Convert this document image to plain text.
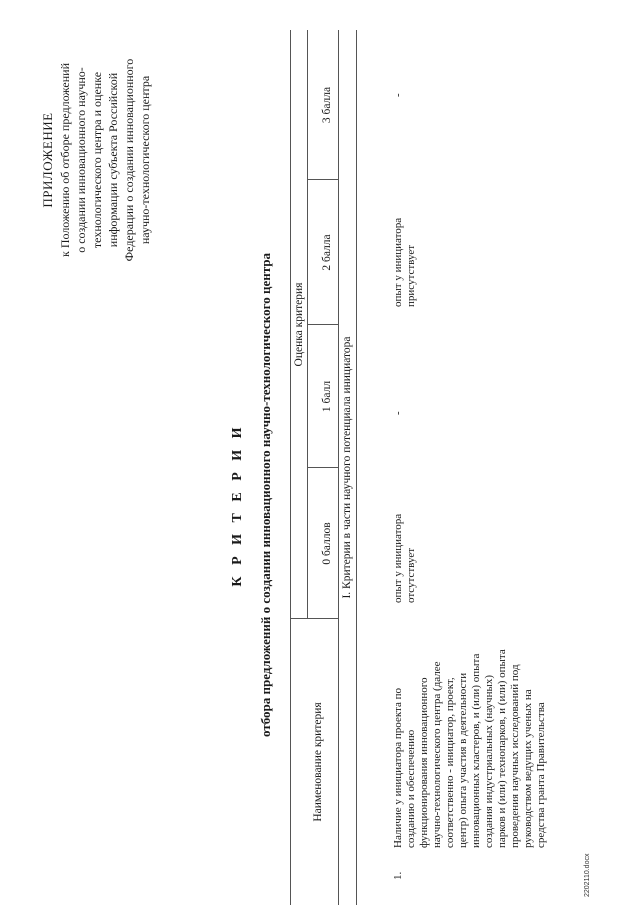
ПРИЛОЖЕНИЕ к Положению об отборе предложений о создании инновационного научно- технологического центра и оценке информации субъекта Российской Федерации о создании инновационного научно-технологического центра
К Р И Т Е Р И И отбора предложений о создании инновационного научно-технологического центра
Наименование критерия
Оценка критерия
0 баллов
1 балл
2 балла
3 балла
I. Критерии в части научного потенциала инициатора
1.
Наличие у инициатора проекта по созданию и обеспечению функционирования инновационного научно-технологического центра (далее соответственно - инициатор, проект, центр) опыта участия в деятельности инновационных кластеров, и (или) опыта создания индустриальных (научных) парков и (или) технопарков, и (или) опыта проведения научных исследований под руководством ведущих ученых на средства гранта Правительства
опыт у инициатора отсутствует
-
опыт у инициатора присутствует
-
2202110.docx
